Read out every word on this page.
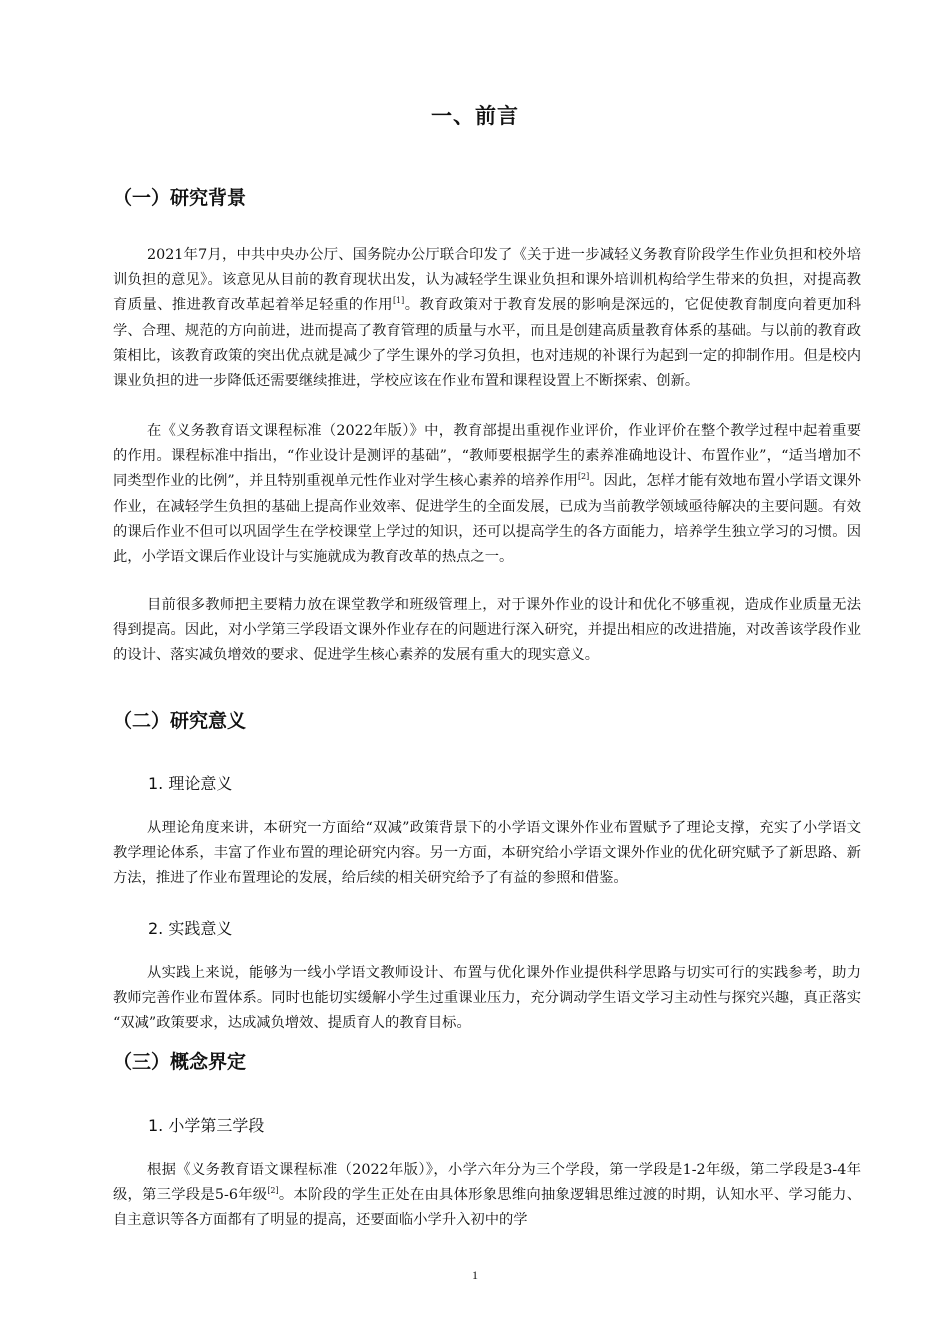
一、前言
（一）研究背景

2021年7月，中共中央办公厅、国务院办公厅联合印发了《关于进一步减轻义务教育阶段学生作业负担和校外培训负担的意见》。该意见从目前的教育现状出发，认为减轻学生课业负担和课外培训机构给学生带来的负担，对提高教育质量、推进教育改革起着举足轻重的作用[1]。教育政策对于教育发展的影响是深远的，它促使教育制度向着更加科学、合理、规范的方向前进，进而提高了教育管理的质量与水平，而且是创建高质量教育体系的基础。与以前的教育政策相比，该教育政策的突出优点就是减少了学生课外的学习负担，也对违规的补课行为起到一定的抑制作用。但是校内课业负担的进一步降低还需要继续推进，学校应该在作业布置和课程设置上不断探索、创新。

在《义务教育语文课程标准（2022年版）》中，教育部提出重视作业评价，作业评价在整个教学过程中起着重要的作用。课程标准中指出，“作业设计是测评的基础”，“教师要根据学生的素养准确地设计、布置作业”，“适当增加不同类型作业的比例”，并且特别重视单元性作业对学生核心素养的培养作用[2]。因此，怎样才能有效地布置小学语文课外作业，在减轻学生负担的基础上提高作业效率、促进学生的全面发展，已成为当前教学领域亟待解决的主要问题。有效的课后作业不但可以巩固学生在学校课堂上学过的知识，还可以提高学生的各方面能力，培养学生独立学习的习惯。因此，小学语文课后作业设计与实施就成为教育改革的热点之一。

目前很多教师把主要精力放在课堂教学和班级管理上，对于课外作业的设计和优化不够重视，造成作业质量无法得到提高。因此，对小学第三学段语文课外作业存在的问题进行深入研究，并提出相应的改进措施，对改善该学段作业的设计、落实减负增效的要求、促进学生核心素养的发展有重大的现实意义。

（二）研究意义
1. 理论意义

从理论角度来讲，本研究一方面给“双减”政策背景下的小学语文课外作业布置赋予了理论支撑，充实了小学语文教学理论体系，丰富了作业布置的理论研究内容。另一方面，本研究给小学语文课外作业的优化研究赋予了新思路、新方法，推进了作业布置理论的发展，给后续的相关研究给予了有益的参照和借鉴。

2. 实践意义

从实践上来说，能够为一线小学语文教师设计、布置与优化课外作业提供科学思路与切实可行的实践参考，助力教师完善作业布置体系。同时也能切实缓解小学生过重课业压力，充分调动学生语文学习主动性与探究兴趣，真正落实 “双减”政策要求，达成减负增效、提质育人的教育目标。

（三）概念界定
1. 小学第三学段

根据《义务教育语文课程标准（2022年版）》，小学六年分为三个学段，第一学段是1-2年级，第二学段是3-4年级，第三学段是5-6年级[2]。本阶段的学生正处在由具体形象思维向抽象逻辑思维过渡的时期，认知水平、学习能力、自主意识等各方面都有了明显的提高，还要面临小学升入初中的学

1
